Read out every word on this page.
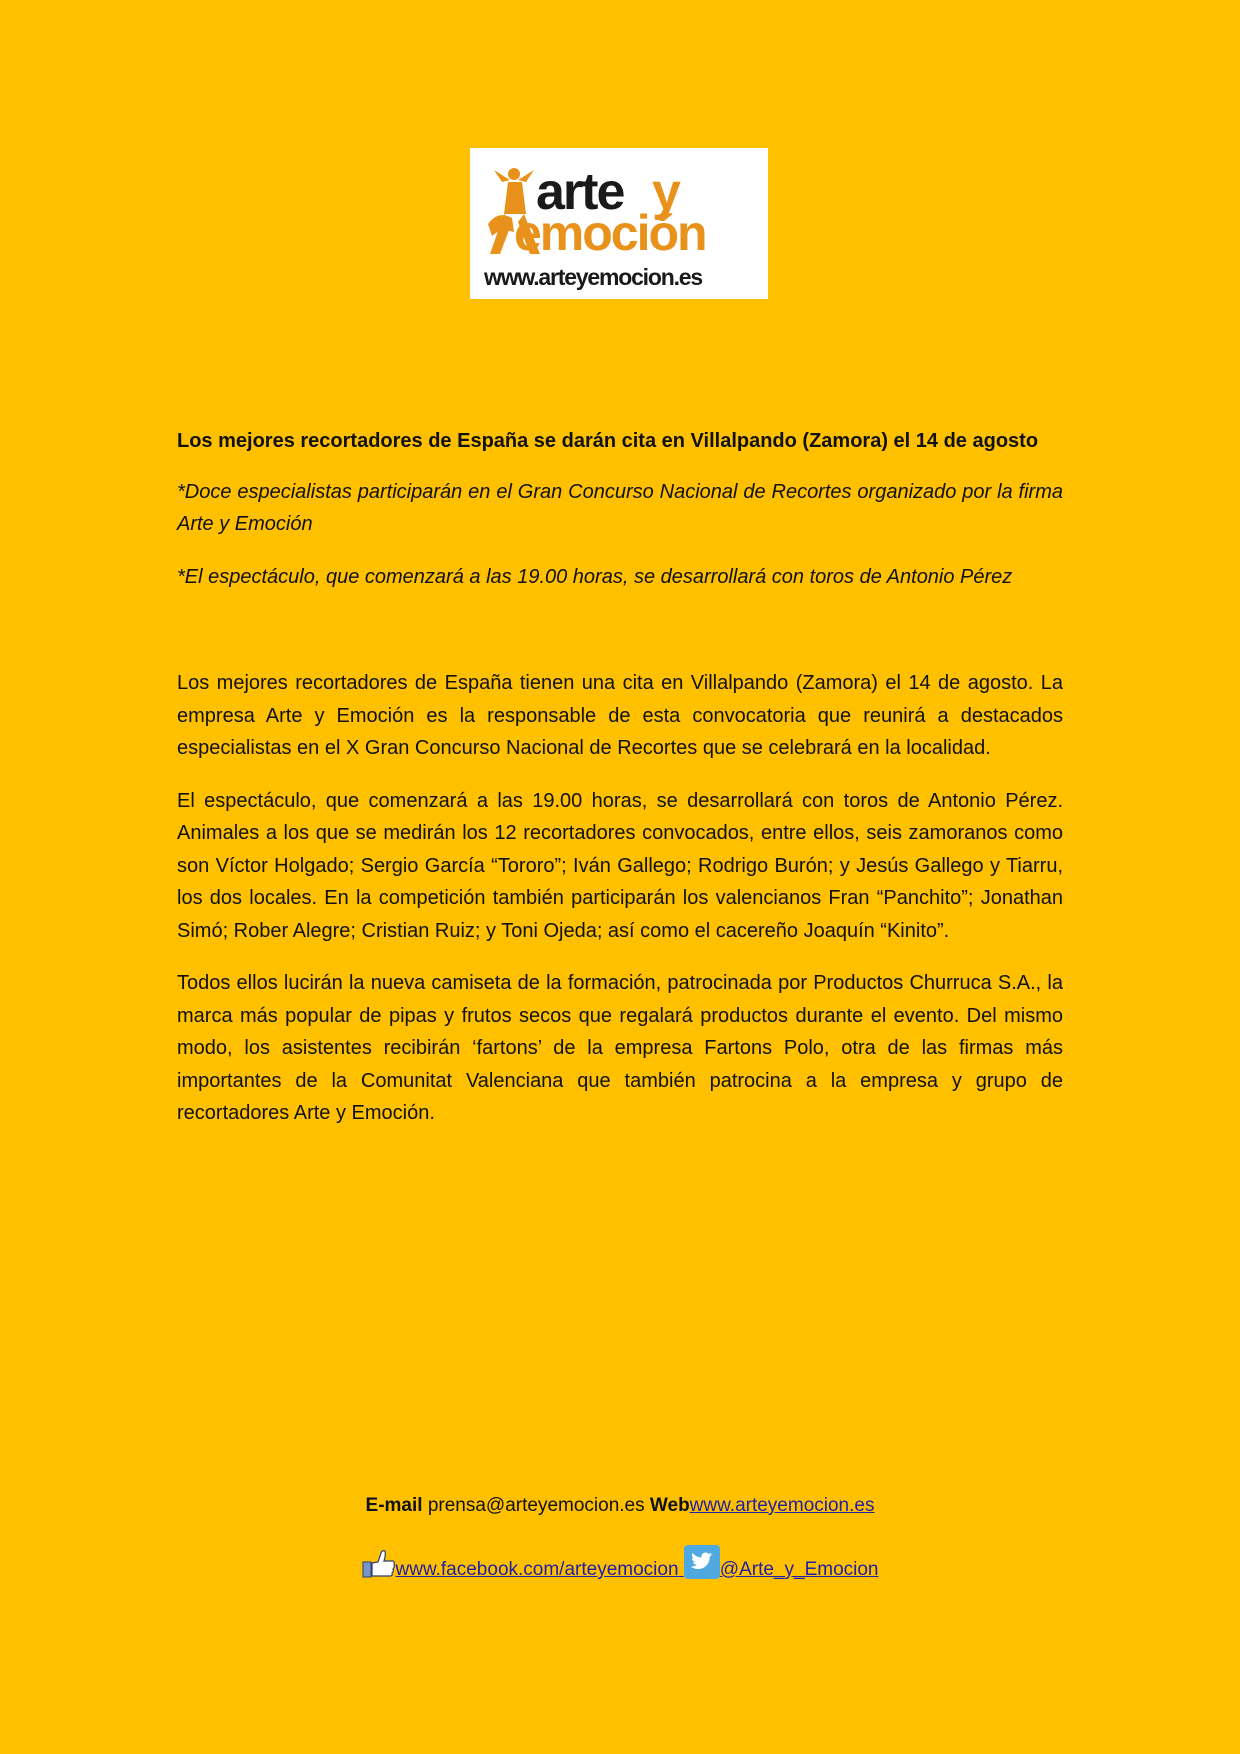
arte y
emoción
www.arteyemocion.es

Los mejores recortadores de España se darán cita en Villalpando (Zamora) el 14 de agosto

*Doce especialistas participarán en el Gran Concurso Nacional de Recortes organizado por la firma Arte y Emoción

*El espectáculo, que comenzará a las 19.00 horas, se desarrollará con toros de Antonio Pérez

Los mejores recortadores de España tienen una cita en Villalpando (Zamora) el 14 de agosto. La empresa Arte y Emoción es la responsable de esta convocatoria que reunirá a destacados especialistas en el X Gran Concurso Nacional de Recortes que se celebrará en la localidad.

El espectáculo, que comenzará a las 19.00 horas, se desarrollará con toros de Antonio Pérez. Animales a los que se medirán los 12 recortadores convocados, entre ellos, seis zamoranos como son Víctor Holgado; Sergio García “Tororo”; Iván Gallego; Rodrigo Burón; y Jesús Gallego y Tiarru, los dos locales. En la competición también participarán los valencianos Fran “Panchito”; Jonathan Simó; Rober Alegre; Cristian Ruiz; y Toni Ojeda; así como el cacereño Joaquín “Kinito”.

Todos ellos lucirán la nueva camiseta de la formación, patrocinada por Productos Churruca S.A., la marca más popular de pipas y frutos secos que regalará productos durante el evento. Del mismo modo, los asistentes recibirán ‘fartons’ de la empresa Fartons Polo, otra de las firmas más importantes de la Comunitat Valenciana que también patrocina a la empresa y grupo de recortadores Arte y Emoción.

E-mail prensa@arteyemocion.es Webwww.arteyemocion.es
www.facebook.com/arteyemocion
@Arte_y_Emocion
